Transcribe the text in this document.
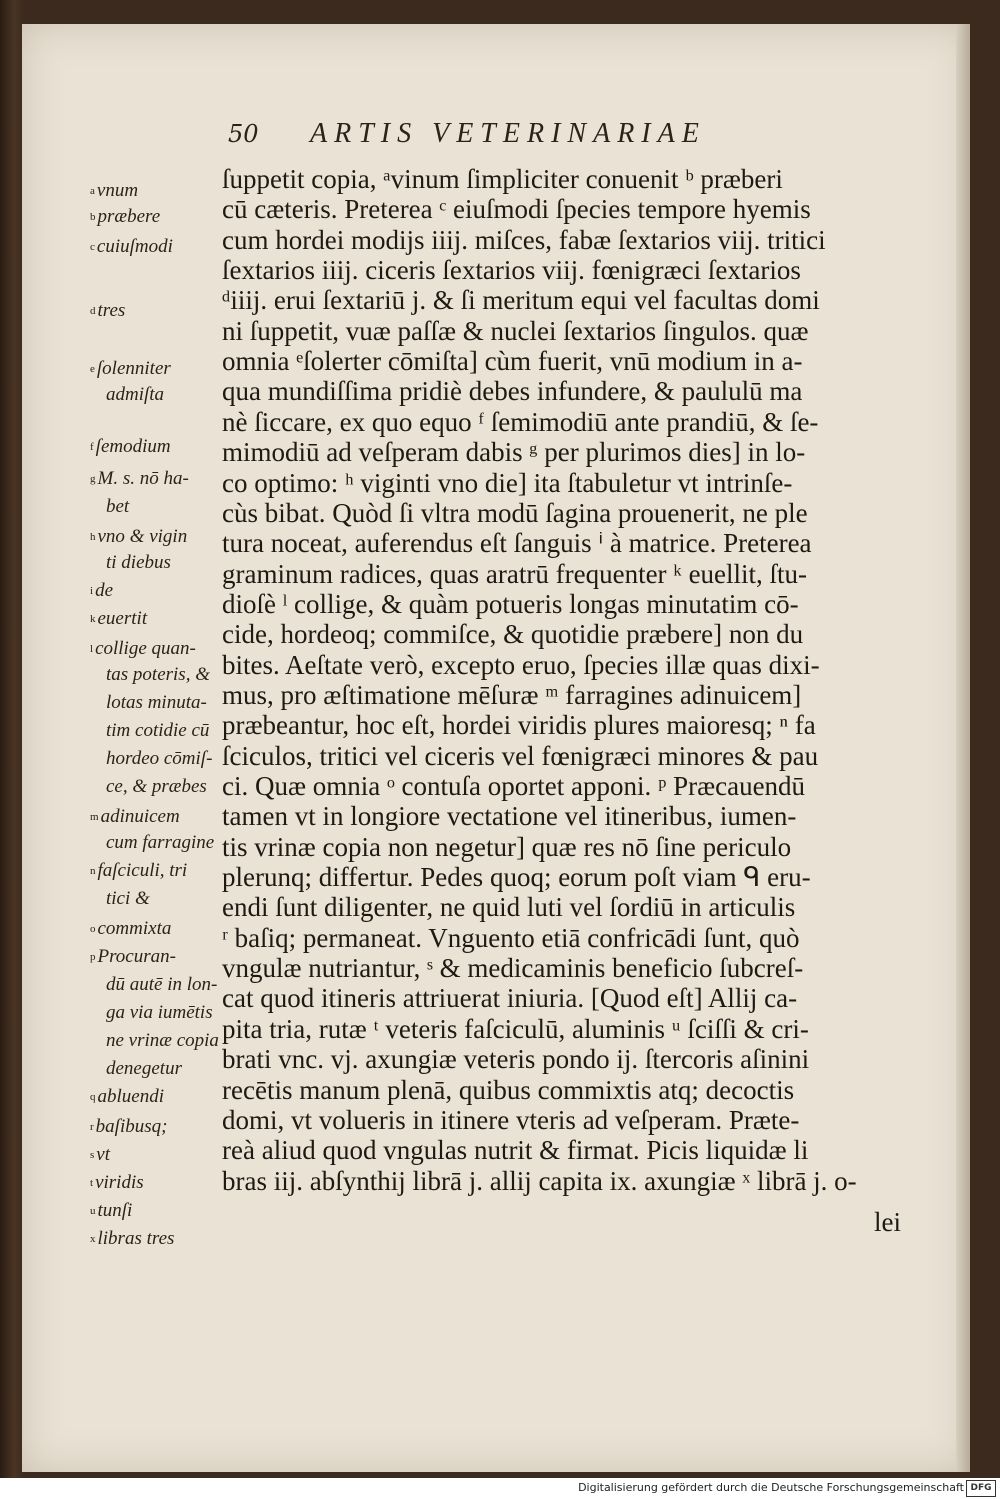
50 ARTIS VETERINARIAE
$^a$ vnum
$^b$ præbere
$^c$ cuiuſmodi
$^d$ tres
$^e$ ſolenniter
admiſta
$^f$ ſemodium
$^g$ M. s. nō ha-
bet
$^h$ vno & vigin
ti diebus
$^i$ de
$^k$ euertit
$^l$ collige quan-
tas poteris, &
lotas minuta-
tim cotidie cū
hordeo cōmiſ-
ce, & præbes
$^m$ adinuicem
cum farragine
$^n$ faſciculi, tri
tici &
$^o$ commixta
$^p$ Procuran-
dū autē in lon-
ga via iumētis
ne vrinæ copia
denegetur
$^q$ abluendi
$^r$ baſibusq;
$^s$ vt
$^t$ viridis
$^u$ tunſi
$^x$ libras tres
ſuppetit copia, ᵃvinum ſimpliciter conuenit ᵇ præberi
cū cæteris. Preterea ᶜ eiuſmodi ſpecies tempore hyemis
cum hordei modijs iiij. miſces, fabæ ſextarios viij. tritici
ſextarios iiij. ciceris ſextarios viij. fœnigræci ſextarios
ᵈiiij. erui ſextariū j. & ſi meritum equi vel facultas domi
ni ſuppetit, vuæ paſſæ & nuclei ſextarios ſingulos. quæ
omnia ᵉſolerter cōmiſta] cùm fuerit, vnū modium in a-
qua mundiſſima pridiè debes infundere, & paululū ma
nè ſiccare, ex quo equo ᶠ ſemimodiū ante prandiū, & ſe-
mimodiū ad veſperam dabis ᵍ per plurimos dies] in lo-
co optimo: ʰ viginti vno die] ita ſtabuletur vt intrinſe-
cùs bibat. Quòd ſi vltra modū ſagina prouenerit, ne ple
tura noceat, auferendus eſt ſanguis ⁱ à matrice. Preterea
graminum radices, quas aratrū frequenter ᵏ euellit, ſtu-
dioſè ˡ collige, & quàm potueris longas minutatim cō-
cide, hordeoq; commiſce, & quotidie præbere] non du
bites. Aeſtate verò, excepto eruo, ſpecies illæ quas dixi-
mus, pro æſtimatione mēſuræ ᵐ farragines adinuicem]
præbeantur, hoc eſt, hordei viridis plures maioresq; ⁿ fa
ſciculos, tritici vel ciceris vel fœnigræci minores & pau
ci. Quæ omnia ᵒ contuſa oportet apponi. ᵖ Præcauendū
tamen vt in longiore vectatione vel itineribus, iumen-
tis vrinæ copia non negetur] quæ res nō ſine periculo
plerunq; differtur. Pedes quoq; eorum poſt viam ᑫ eru-
endi ſunt diligenter, ne quid luti vel ſordiū in articulis
ʳ baſiq; permaneat. Vnguento etiā confricādi ſunt, quò
vngulæ nutriantur, ˢ & medicaminis beneficio ſubcreſ-
cat quod itineris attriuerat iniuria. [Quod eſt] Allij ca-
pita tria, rutæ ᵗ veteris faſciculū, aluminis ᵘ ſciſſi & cri-
brati vnc. vj. axungiæ veteris pondo ij. ſtercoris aſinini
recētis manum plenā, quibus commixtis atq; decoctis
domi, vt volueris in itinere vteris ad veſperam. Præte-
reà aliud quod vngulas nutrit & firmat. Picis liquidæ li
bras iij. abſynthij librā j. allij capita ix. axungiæ ˣ librā j. o-
lei
Digitalisierung gefördert durch die Deutsche Forschungsgemeinschaft DFG
